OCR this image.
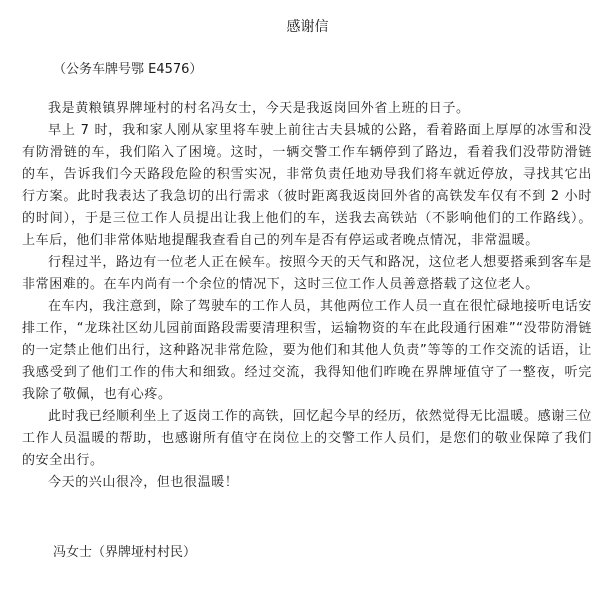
感谢信
（公务车牌号鄂 E4576）

我是黄粮镇界牌垭村的村名冯女士，今天是我返岗回外省上班的日子。

早上 7 时，我和家人刚从家里将车驶上前往古夫县城的公路，看着路面上厚厚的冰雪和没有防滑链的车，我们陷入了困境。这时，一辆交警工作车辆停到了路边，看着我们没带防滑链的车，告诉我们今天路段危险的积雪实况，非常负责任地劝导我们将车就近停放，寻找其它出行方案。此时我表达了我急切的出行需求（彼时距离我返岗回外省的高铁发车仅有不到 2 小时的时间），于是三位工作人员提出让我上他们的车，送我去高铁站（不影响他们的工作路线）。上车后，他们非常体贴地提醒我查看自己的列车是否有停运或者晚点情况，非常温暖。

行程过半，路边有一位老人正在候车。按照今天的天气和路况，这位老人想要搭乘到客车是非常困难的。在车内尚有一个余位的情况下，这时三位工作人员善意搭载了这位老人。

在车内，我注意到，除了驾驶车的工作人员，其他两位工作人员一直在很忙碌地接听电话安排工作，“龙珠社区幼儿园前面路段需要清理积雪，运输物资的车在此段通行困难”“没带防滑链的一定禁止他们出行，这种路况非常危险，要为他们和其他人负责”等等的工作交流的话语，让我感受到了他们工作的伟大和细致。经过交流，我得知他们昨晚在界牌垭值守了一整夜，听完我除了敬佩，也有心疼。

此时我已经顺利坐上了返岗工作的高铁，回忆起今早的经历，依然觉得无比温暖。感谢三位工作人员温暖的帮助，也感谢所有值守在岗位上的交警工作人员们，是您们的敬业保障了我们的安全出行。

今天的兴山很冷，但也很温暖！

冯女士（界牌垭村村民）
